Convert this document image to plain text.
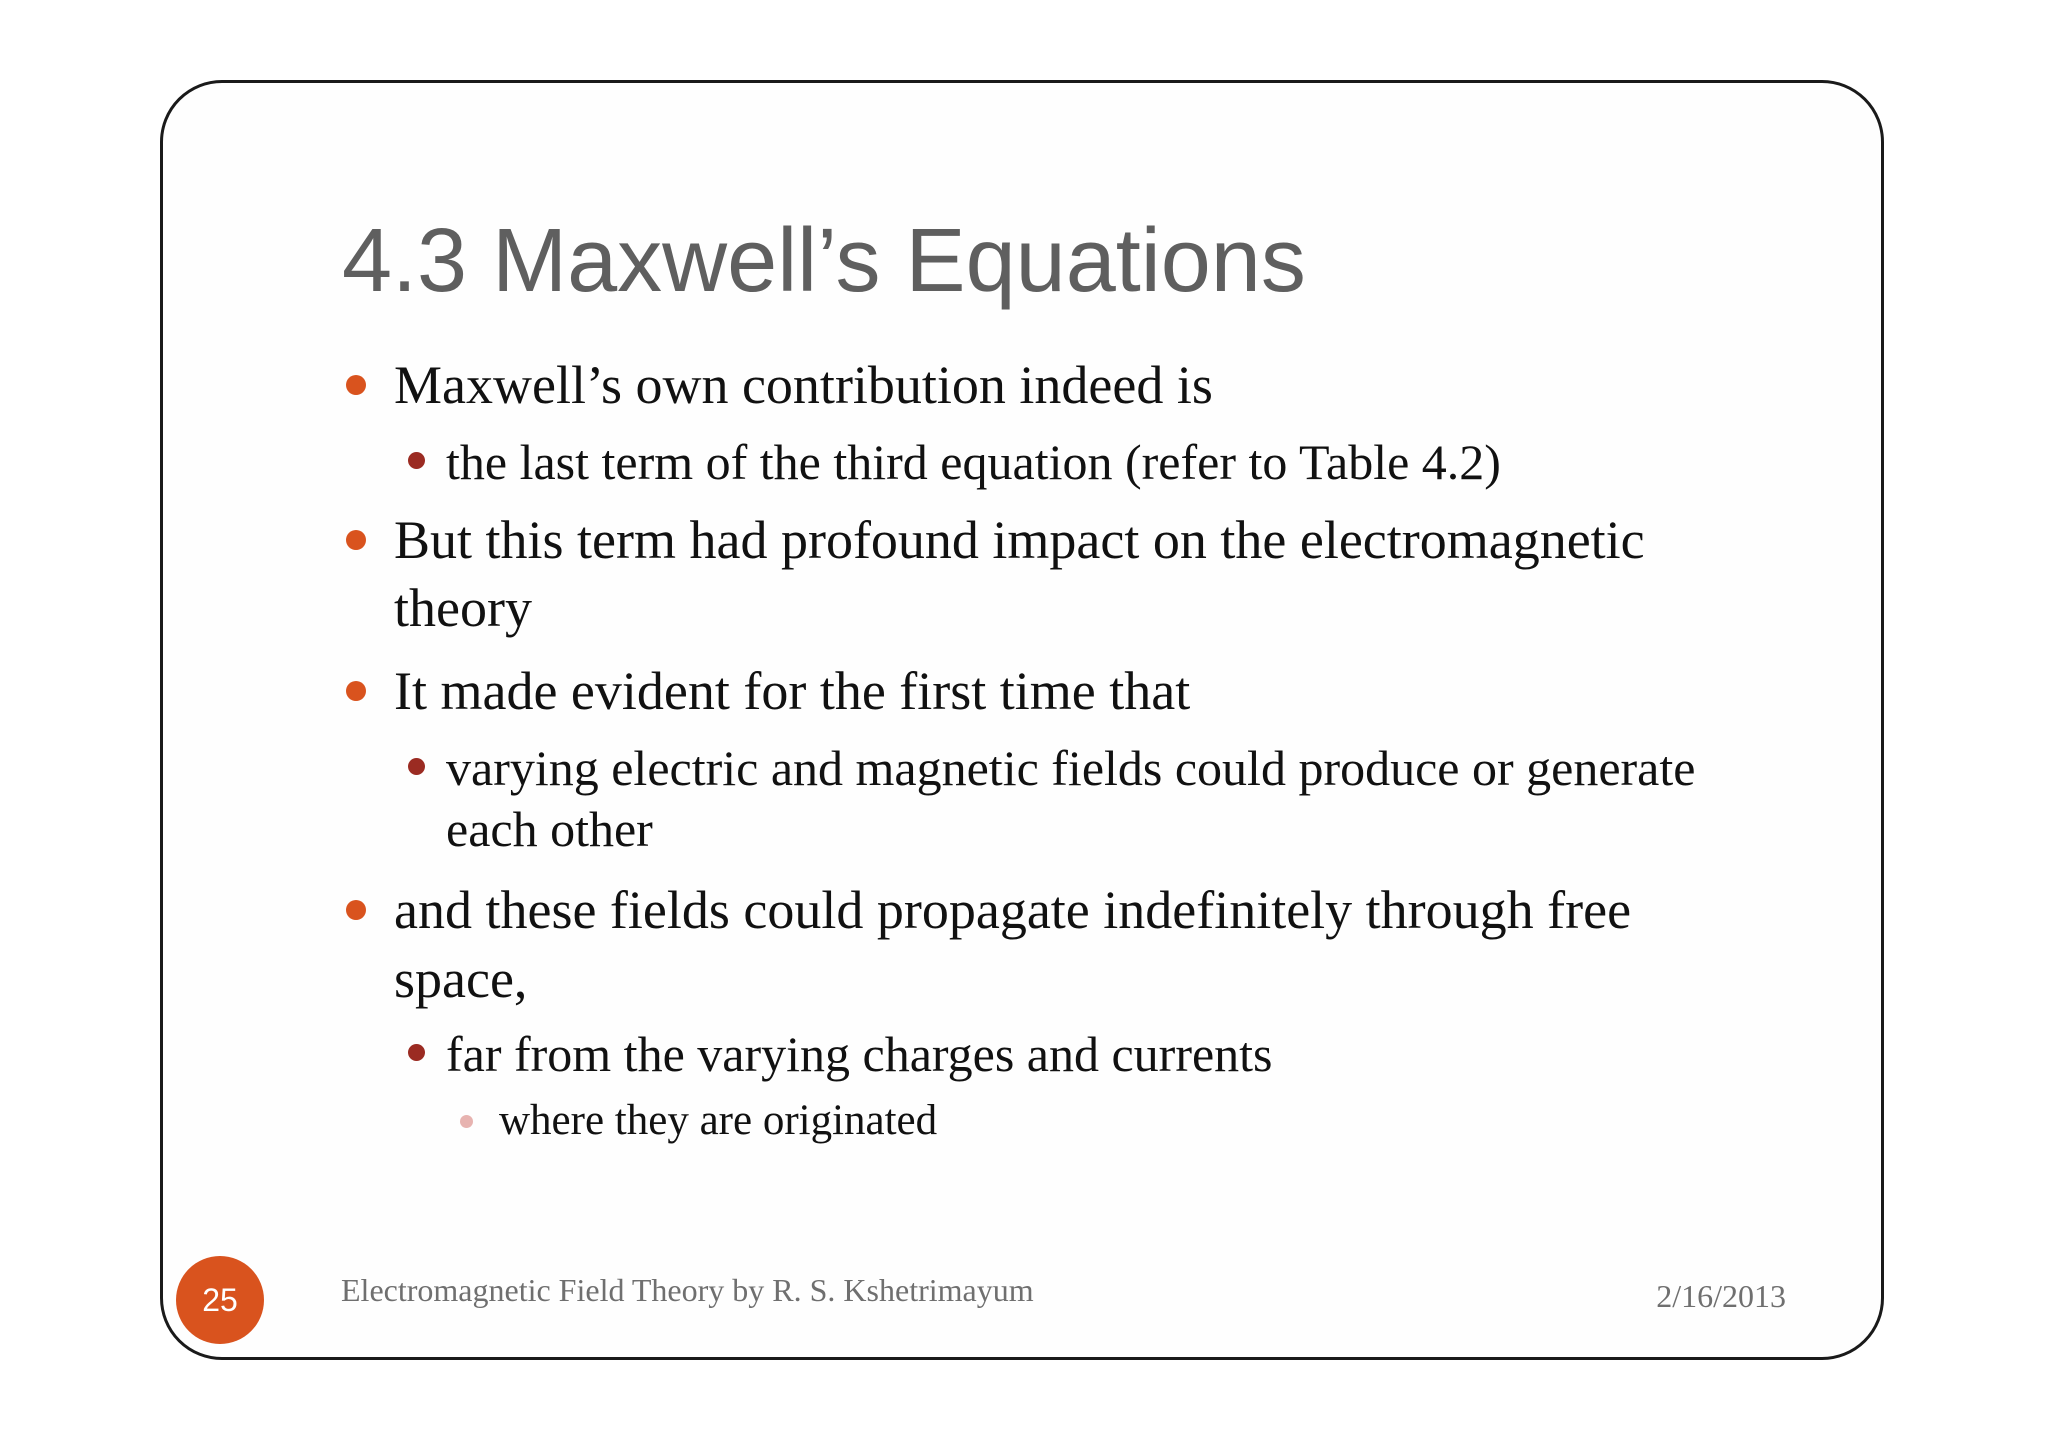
4.3 Maxwell’s Equations
Maxwell’s own contribution indeed is
the last term of the third equation (refer to Table 4.2)
But this term had profound impact on the electromagnetic
theory
It made evident for the first time that
varying electric and magnetic fields could produce or generate
each other
and these fields could propagate indefinitely through free
space,
far from the varying charges and currents
where they are originated
25	Electromagnetic Field Theory by R. S. Kshetrimayum	2/16/2013
